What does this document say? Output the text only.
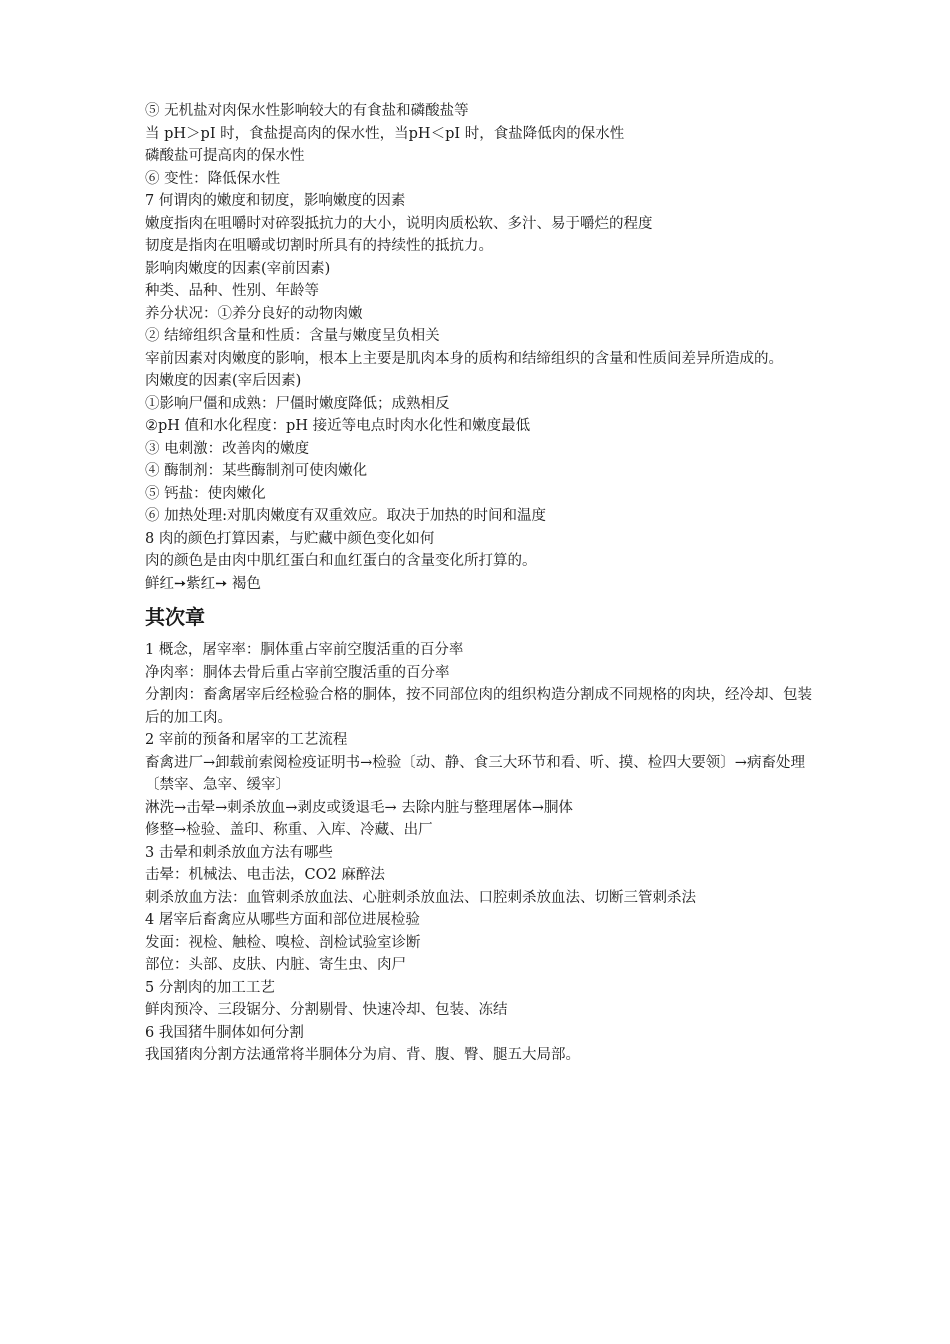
⑤ 无机盐对肉保水性影响较大的有食盐和磷酸盐等
当 pH＞pI 时，食盐提高肉的保水性，当pH＜pI 时，食盐降低肉的保水性
磷酸盐可提高肉的保水性
⑥ 变性：降低保水性
7 何谓肉的嫩度和韧度，影响嫩度的因素
嫩度指肉在咀嚼时对碎裂抵抗力的大小，说明肉质松软、多汁、易于嚼烂的程度
韧度是指肉在咀嚼或切割时所具有的持续性的抵抗力。
影响肉嫩度的因素(宰前因素)
种类、品种、性别、年龄等
养分状况：①养分良好的动物肉嫩
② 结缔组织含量和性质：含量与嫩度呈负相关
宰前因素对肉嫩度的影响，根本上主要是肌肉本身的质构和结缔组织的含量和性质间差异所造成的。
肉嫩度的因素(宰后因素)
①影响尸僵和成熟：尸僵时嫩度降低；成熟相反
②pH 值和水化程度：pH 接近等电点时肉水化性和嫩度最低
③ 电刺激：改善肉的嫩度
④ 酶制剂：某些酶制剂可使肉嫩化
⑤ 钙盐：使肉嫩化
⑥ 加热处理:对肌肉嫩度有双重效应。取决于加热的时间和温度
8 肉的颜色打算因素，与贮藏中颜色变化如何
肉的颜色是由肉中肌红蛋白和血红蛋白的含量变化所打算的。
鲜红➙紫红➙ 褐色
其次章
1 概念，屠宰率：胴体重占宰前空腹活重的百分率
净肉率：胴体去骨后重占宰前空腹活重的百分率
分割肉：畜禽屠宰后经检验合格的胴体，按不同部位肉的组织构造分割成不同规格的肉块，经冷却、包装后的加工肉。
2 宰前的预备和屠宰的工艺流程
畜禽进厂→卸载前索阅检疫证明书→检验〔动、静、食三大环节和看、听、摸、检四大要领〕→病畜处理〔禁宰、急宰、缓宰〕
淋洗→击晕→刺杀放血→剥皮或烫退毛→ 去除内脏与整理屠体→胴体
修整→检验、盖印、称重、入库、冷藏、出厂
3 击晕和刺杀放血方法有哪些
击晕：机械法、电击法，CO2 麻醉法
刺杀放血方法：血管刺杀放血法、心脏刺杀放血法、口腔刺杀放血法、切断三管刺杀法
4 屠宰后畜禽应从哪些方面和部位进展检验
发面：视检、触检、嗅检、剖检试验室诊断
部位：头部、皮肤、内脏、寄生虫、肉尸
5 分割肉的加工工艺
鲜肉预冷、三段锯分、分割剔骨、快速冷却、包装、冻结
6 我国猪牛胴体如何分割
我国猪肉分割方法通常将半胴体分为肩、背、腹、臀、腿五大局部。
